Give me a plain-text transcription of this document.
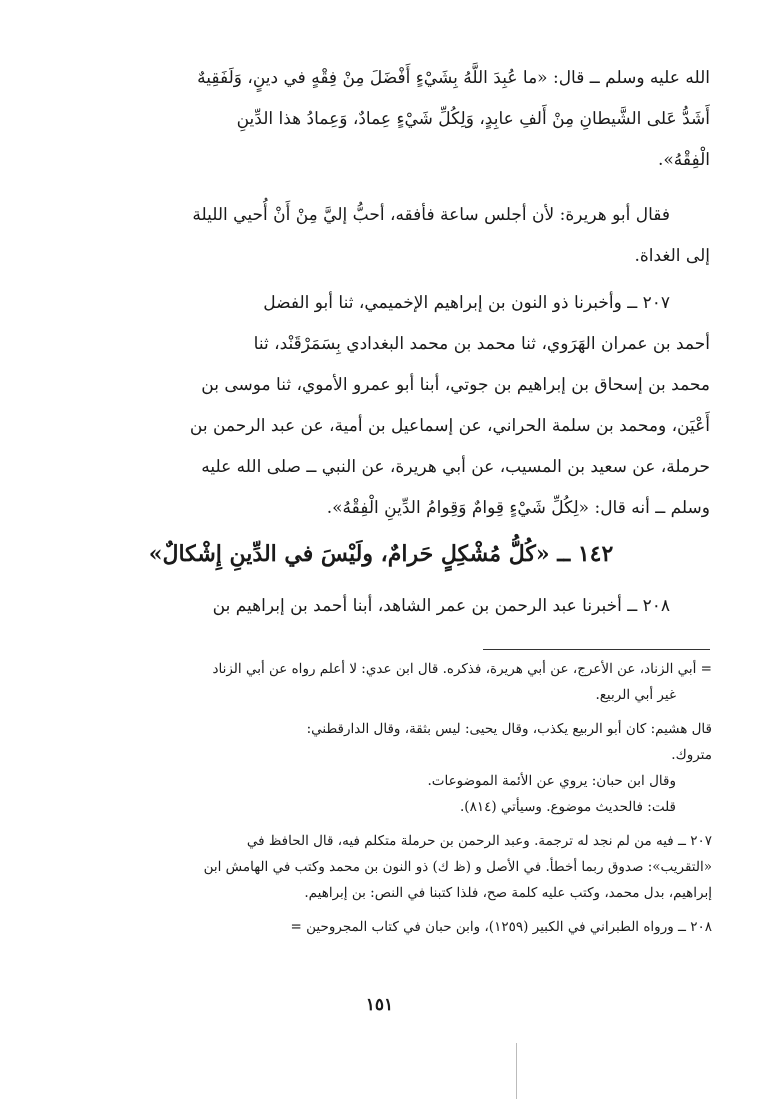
الله عليه وسلم ــ قال: «ما عُبِدَ اللَّهُ بِشَيْءٍ أَفْضَلَ مِنْ فِقْهٍ في دينٍ، وَلَفَقِيهٌ
أَشَدُّ عَلى الشَّيطانِ مِنْ أَلفِ عابِدٍ، وَلِكُلِّ شَيْءٍ عِمادٌ، وَعِمادُ هذا الدِّينِ
الْفِقْهُ».
فقال أبو هريرة: لأن أجلس ساعة فأفقه، أحبُّ إليَّ مِنْ أَنْ أُحيي الليلة
إلى الغداة.
٢٠٧ ــ وأخبرنا ذو النون بن إبراهيم الإخميمي، ثنا أبو الفضل
أحمد بن عمران الهَرَوي، ثنا محمد بن محمد البغدادي بِسَمَرْقَنْد، ثنا
محمد بن إسحاق بن إبراهيم بن جوتي، أبنا أبو عمرو الأموي، ثنا موسى بن
أَعْيَن، ومحمد بن سلمة الحراني، عن إسماعيل بن أمية، عن عبد الرحمن بن
حرملة، عن سعيد بن المسيب، عن أبي هريرة، عن النبي ــ صلى الله عليه
وسلم ــ أنه قال: «لِكُلِّ شَيْءٍ قِوامٌ وَقِوامُ الدِّينِ الْفِقْهُ».
١٤٢ ــ «كُلُّ مُشْكِلٍ حَرامٌ، ولَيْسَ في الدِّينِ إِشْكالٌ»
٢٠٨ ــ أخبرنا عبد الرحمن بن عمر الشاهد، أبنا أحمد بن إبراهيم بن
= أبي الزناد، عن الأعرج، عن أبي هريرة، فذكره. قال ابن عدي: لا أعلم رواه عن أبي الزناد
غير أبي الربيع.
قال هشيم: كان أبو الربيع يكذب، وقال يحيى: ليس بثقة، وقال الدارقطني:
متروك.
وقال ابن حبان: يروي عن الأئمة الموضوعات.
قلت: فالحديث موضوع. وسيأتي (٨١٤).
٢٠٧ ــ فيه من لم نجد له ترجمة. وعبد الرحمن بن حرملة متكلم فيه، قال الحافظ في
«التقريب»: صدوق ربما أخطأ. في الأصل و (ظ ك) ذو النون بن محمد وكتب في الهامش ابن
إبراهيم، بدل محمد، وكتب عليه كلمة صح، فلذا كتبنا في النص: بن إبراهيم.
٢٠٨ ــ ورواه الطبراني في الكبير (١٢٥٩)، وابن حبان في كتاب المجروحين =
١٥١
